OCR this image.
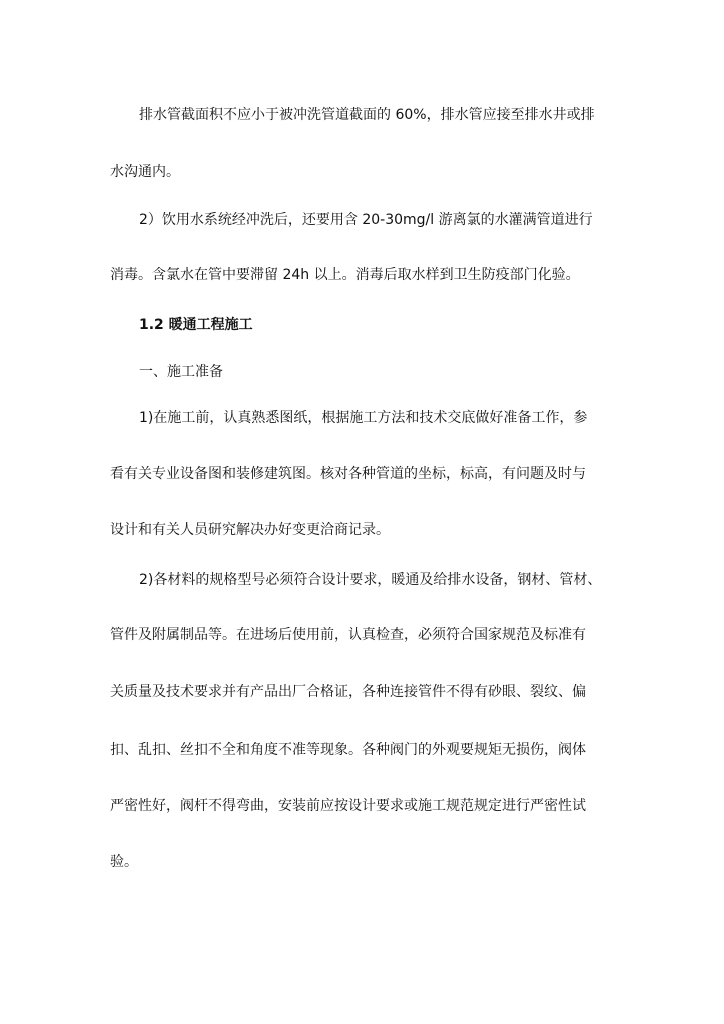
排水管截面积不应小于被冲洗管道截面的 60%，排水管应接至排水井或排
水沟通内。
2）饮用水系统经冲洗后，还要用含 20-30mg/l 游离氯的水灌满管道进行
消毒。含氯水在管中要滞留 24h 以上。消毒后取水样到卫生防疫部门化验。
1.2 暖通工程施工
一、施工准备
1)在施工前，认真熟悉图纸，根据施工方法和技术交底做好准备工作，参
看有关专业设备图和装修建筑图。核对各种管道的坐标，标高，有问题及时与
设计和有关人员研究解决办好变更洽商记录。
2)各材料的规格型号必须符合设计要求，暖通及给排水设备，钢材、管材、
管件及附属制品等。在进场后使用前，认真检查，必须符合国家规范及标准有
关质量及技术要求并有产品出厂合格证，各种连接管件不得有砂眼、裂纹、偏
扣、乱扣、丝扣不全和角度不准等现象。各种阀门的外观要规矩无损伤，阀体
严密性好，阀杆不得弯曲，安装前应按设计要求或施工规范规定进行严密性试
验。
